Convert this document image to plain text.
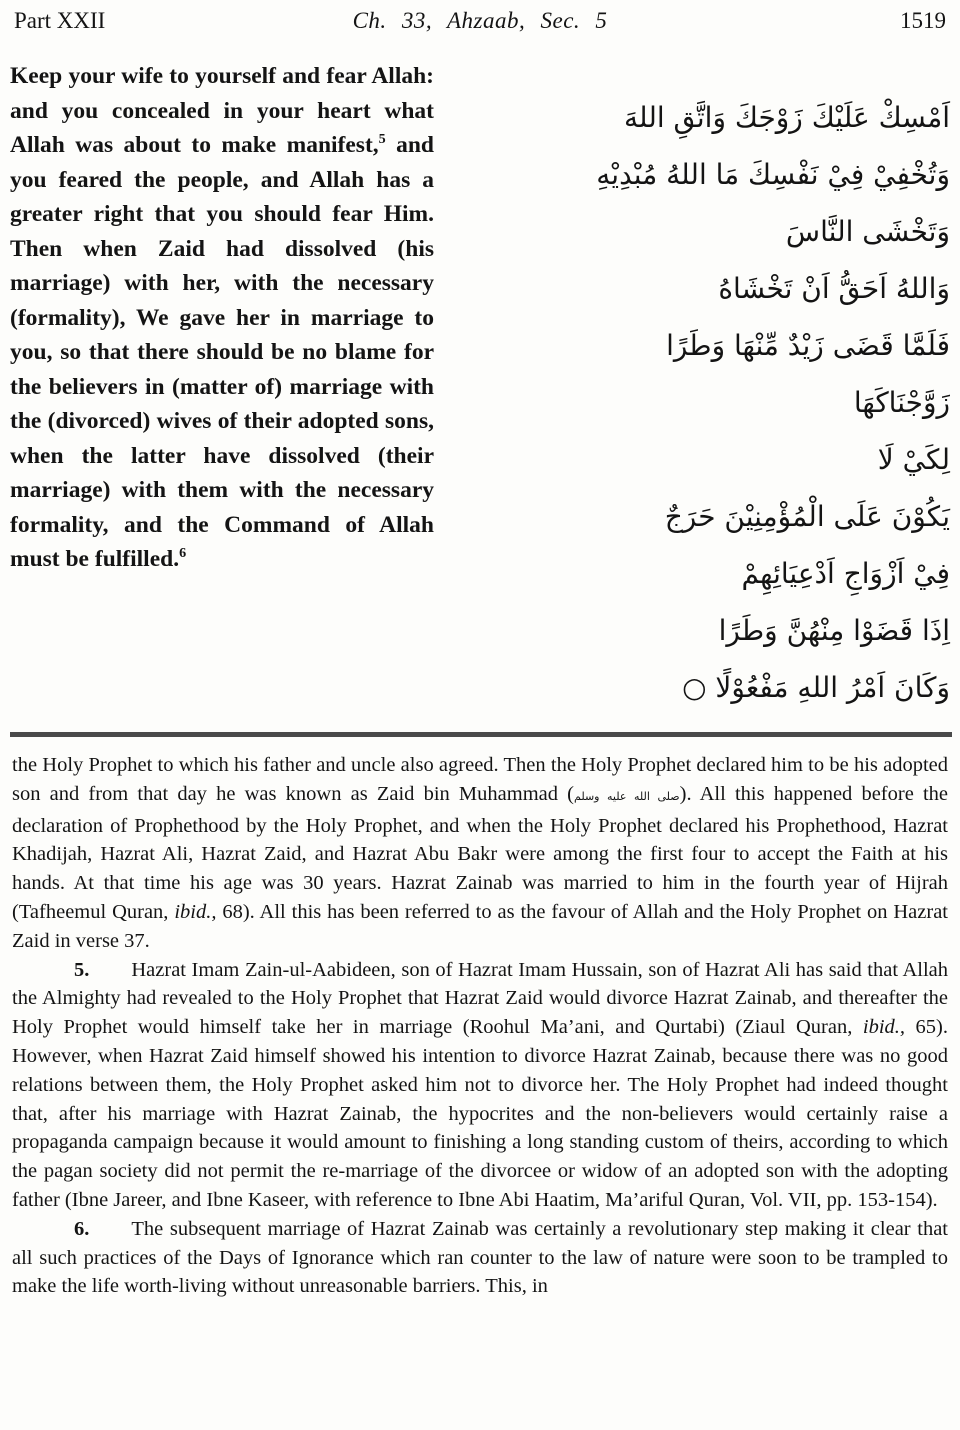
Part XXII	Ch. 33, Ahzaab, Sec. 5	1519
Keep your wife to yourself and fear Allah: and you concealed in your heart what Allah was about to make manifest,$^5$ and you feared the people, and Allah has a greater right that you should fear Him. Then when Zaid had dissolved (his marriage) with her, with the necessary (formality), We gave her in marriage to you, so that there should be no blame for the believers in (matter of) marriage with the (divorced) wives of their adopted sons, when the latter have dissolved (their marriage) with them with the necessary formality, and the Command of Allah must be fulfilled.$^6$
اَمْسِكْ عَلَيْكَ زَوْجَكَ وَاتَّقِ اللهَ
وَتُخْفِيْ فِيْ نَفْسِكَ مَا اللهُ مُبْدِيْهِ
وَتَخْشَى النَّاسَ
وَاللهُ اَحَقُّ اَنْ تَخْشَاهُ
فَلَمَّا قَضَى زَيْدٌ مِّنْهَا وَطَرًا
زَوَّجْنَاكَهَا
لِكَيْ لَا
يَكُوْنَ عَلَى الْمُؤْمِنِيْنَ حَرَجٌ
فِيْ اَزْوَاجِ اَدْعِيَائِهِمْ
اِذَا قَضَوْا مِنْهُنَّ وَطَرًا
وَكَانَ اَمْرُ اللهِ مَفْعُوْلًا ○

the Holy Prophet to which his father and uncle also agreed. Then the Holy Prophet declared him to be his adopted son and from that day he was known as Zaid bin Muhammad (صلى الله عليه وسلم). All this happened before the declaration of Prophethood by the Holy Prophet, and when the Holy Prophet declared his Prophethood, Hazrat Khadijah, Hazrat Ali, Hazrat Zaid, and Hazrat Abu Bakr were among the first four to accept the Faith at his hands. At that time his age was 30 years. Hazrat Zainab was married to him in the fourth year of Hijrah (Tafheemul Quran, ibid., 68). All this has been referred to as the favour of Allah and the Holy Prophet on Hazrat Zaid in verse 37.

5. Hazrat Imam Zain-ul-Aabideen, son of Hazrat Imam Hussain, son of Hazrat Ali has said that Allah the Almighty had revealed to the Holy Prophet that Hazrat Zaid would divorce Hazrat Zainab, and thereafter the Holy Prophet would himself take her in marriage (Roohul Ma’ani, and Qurtabi) (Ziaul Quran, ibid., 65). However, when Hazrat Zaid himself showed his intention to divorce Hazrat Zainab, because there was no good relations between them, the Holy Prophet asked him not to divorce her. The Holy Prophet had indeed thought that, after his marriage with Hazrat Zainab, the hypocrites and the non-believers would certainly raise a propaganda campaign because it would amount to finishing a long standing custom of theirs, according to which the pagan society did not permit the re-marriage of the divorcee or widow of an adopted son with the adopting father (Ibne Jareer, and Ibne Kaseer, with reference to Ibne Abi Haatim, Ma’ariful Quran, Vol. VII, pp. 153-154).

6. The subsequent marriage of Hazrat Zainab was certainly a revolutionary step making it clear that all such practices of the Days of Ignorance which ran counter to the law of nature were soon to be trampled to make the life worth-living without unreasonable barriers. This, in
